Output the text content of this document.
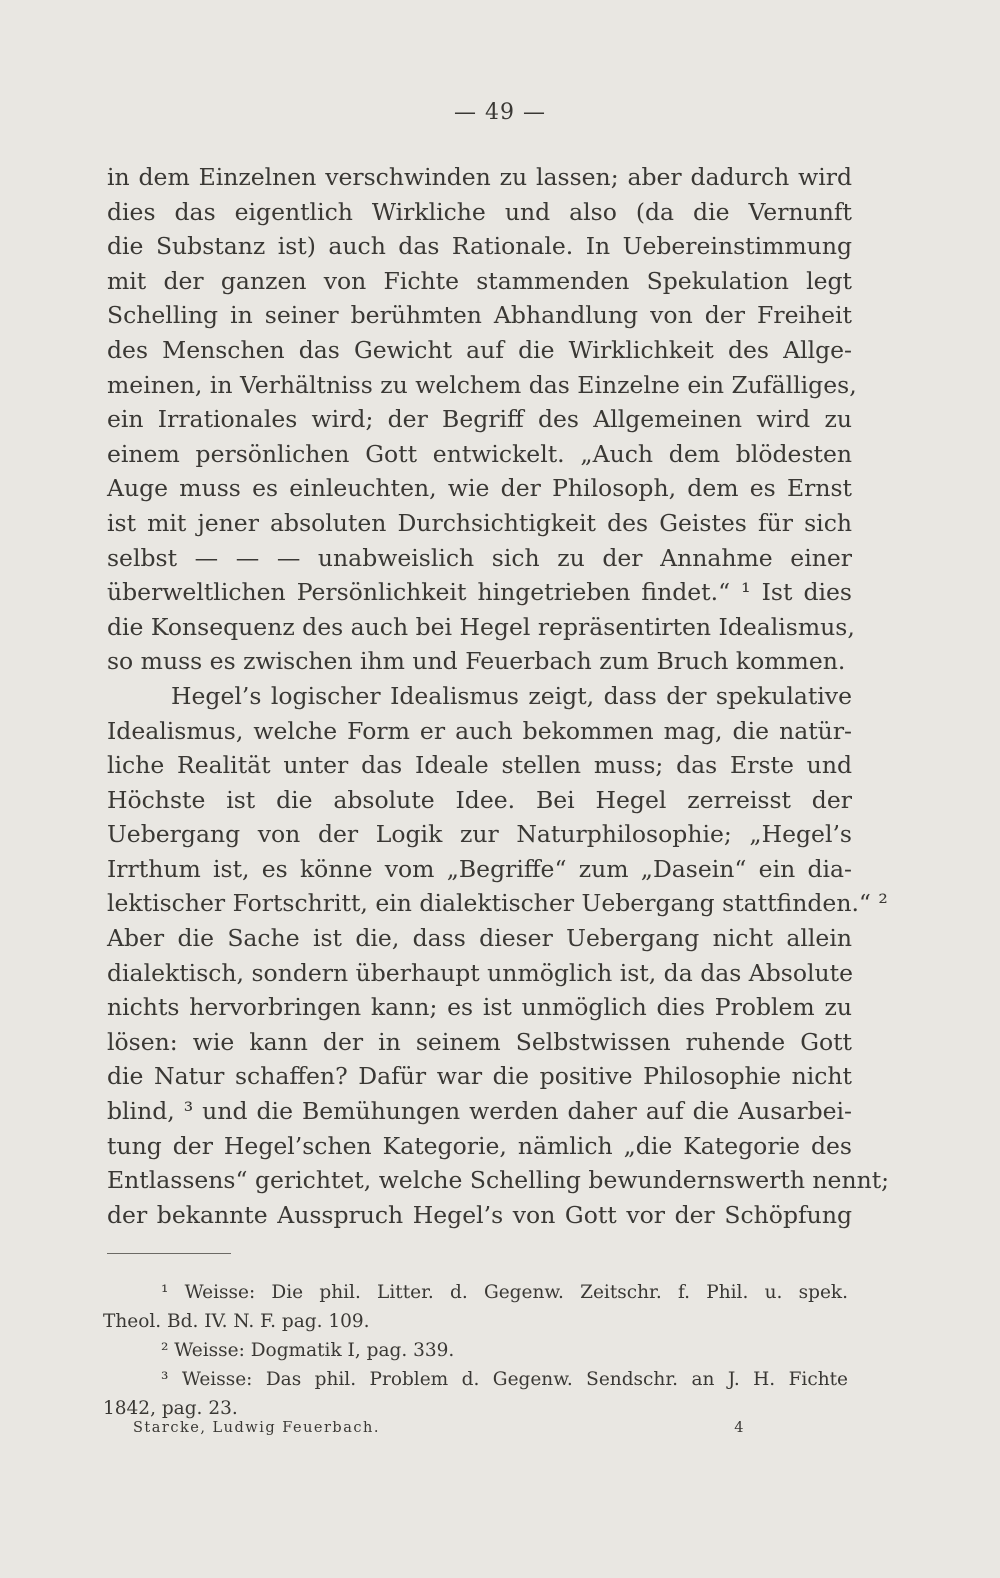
— 49 —
in dem Einzelnen verschwinden zu lassen; aber dadurch wird
dies das eigentlich Wirkliche und also (da die Vernunft
die Substanz ist) auch das Rationale. In Uebereinstimmung
mit der ganzen von Fichte stammenden Spekulation legt
Schelling in seiner berühmten Abhandlung von der Freiheit
des Menschen das Gewicht auf die Wirklichkeit des Allge-
meinen, in Verhältniss zu welchem das Einzelne ein Zufälliges,
ein Irrationales wird; der Begriff des Allgemeinen wird zu
einem persönlichen Gott entwickelt. „Auch dem blödesten
Auge muss es einleuchten, wie der Philosoph, dem es Ernst
ist mit jener absoluten Durchsichtigkeit des Geistes für sich
selbst — — — unabweislich sich zu der Annahme einer
überweltlichen Persönlichkeit hingetrieben findet.“ ¹ Ist dies
die Konsequenz des auch bei Hegel repräsentirten Idealismus,
so muss es zwischen ihm und Feuerbach zum Bruch kommen.
Hegel’s logischer Idealismus zeigt, dass der spekulative
Idealismus, welche Form er auch bekommen mag, die natür-
liche Realität unter das Ideale stellen muss; das Erste und
Höchste ist die absolute Idee. Bei Hegel zerreisst der
Uebergang von der Logik zur Naturphilosophie; „Hegel’s
Irrthum ist, es könne vom „Begriffe“ zum „Dasein“ ein dia-
lektischer Fortschritt, ein dialektischer Uebergang stattfinden.“ ²
Aber die Sache ist die, dass dieser Uebergang nicht allein
dialektisch, sondern überhaupt unmöglich ist, da das Absolute
nichts hervorbringen kann; es ist unmöglich dies Problem zu
lösen: wie kann der in seinem Selbstwissen ruhende Gott
die Natur schaffen? Dafür war die positive Philosophie nicht
blind, ³ und die Bemühungen werden daher auf die Ausarbei-
tung der Hegel’schen Kategorie, nämlich „die Kategorie des
Entlassens“ gerichtet, welche Schelling bewundernswerth nennt;
der bekannte Ausspruch Hegel’s von Gott vor der Schöpfung
¹ Weisse: Die phil. Litter. d. Gegenw. Zeitschr. f. Phil. u. spek.
Theol. Bd. IV. N. F. pag. 109.
² Weisse: Dogmatik I, pag. 339.
³ Weisse: Das phil. Problem d. Gegenw. Sendschr. an J. H. Fichte
1842, pag. 23.
Starcke, Ludwig Feuerbach.	4
